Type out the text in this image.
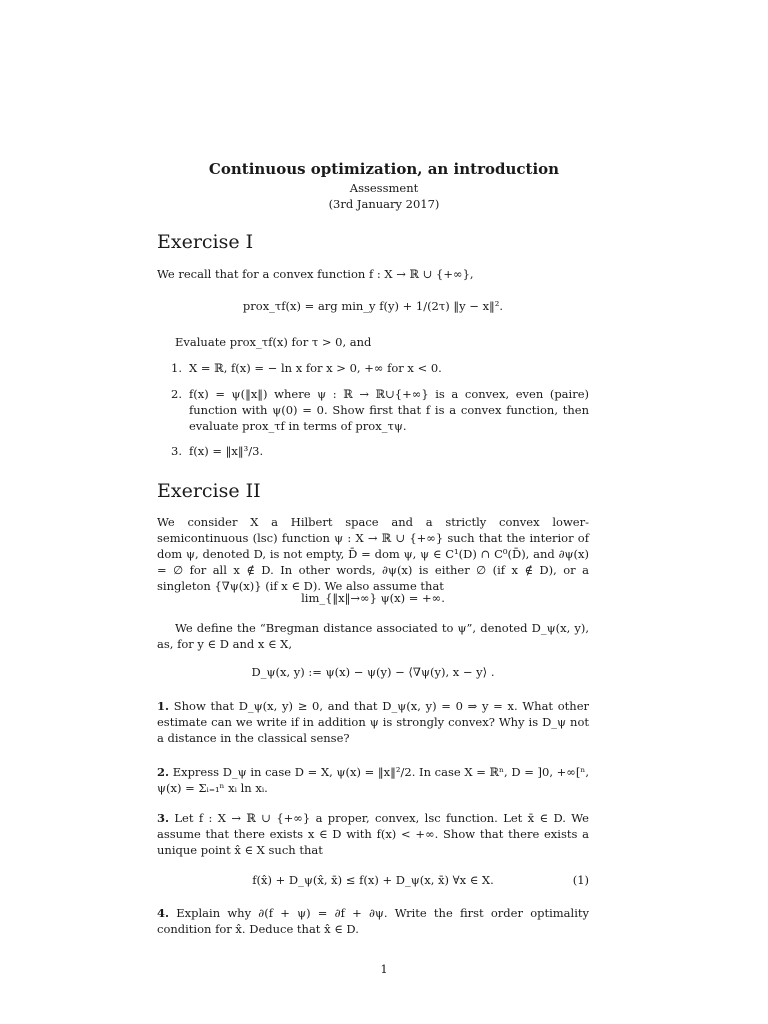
Continuous optimization, an introduction
Assessment
(3rd January 2017)
Exercise I

We recall that for a convex function f : X → ℝ ∪ {+∞},

prox_τf(x) = arg min_y f(y) + 1/(2τ) ‖y − x‖².

Evaluate prox_τf(x) for τ > 0, and

1. X = ℝ, f(x) = − ln x for x > 0, +∞ for x < 0.
2. f(x) = ψ(‖x‖) where ψ : ℝ → ℝ∪{+∞} is a convex, even (paire) function with ψ(0) = 0. Show first that f is a convex function, then evaluate prox_τf in terms of prox_τψ.
3. f(x) = ‖x‖³/3.
Exercise II

We consider X a Hilbert space and a strictly convex lower-semicontinuous (lsc) function ψ : X → ℝ ∪ {+∞} such that the interior of dom ψ, denoted D, is not empty, D̄ = dom ψ, ψ ∈ C¹(D) ∩ C⁰(D̄), and ∂ψ(x) = ∅ for all x ∉ D. In other words, ∂ψ(x) is either ∅ (if x ∉ D), or a singleton {∇ψ(x)} (if x ∈ D). We also assume that

lim_{‖x‖→∞} ψ(x) = +∞.

We define the “Bregman distance associated to ψ”, denoted D_ψ(x, y), as, for y ∈ D and x ∈ X,

D_ψ(x, y) := ψ(x) − ψ(y) − ⟨∇ψ(y), x − y⟩ .

1. Show that D_ψ(x, y) ≥ 0, and that D_ψ(x, y) = 0 ⇒ y = x. What other estimate can we write if in addition ψ is strongly convex? Why is D_ψ not a distance in the classical sense?

2. Express D_ψ in case D = X, ψ(x) = ‖x‖²/2. In case X = ℝⁿ, D = ]0, +∞[ⁿ, ψ(x) = Σᵢ₌₁ⁿ xᵢ ln xᵢ.

3. Let f : X → ℝ ∪ {+∞} a proper, convex, lsc function. Let x̄ ∈ D. We assume that there exists x ∈ D with f(x) < +∞. Show that there exists a unique point x̂ ∈ X such that

f(x̂) + D_ψ(x̂, x̄) ≤ f(x) + D_ψ(x, x̄) ∀x ∈ X.	(1)

4. Explain why ∂(f + ψ) = ∂f + ∂ψ. Write the first order optimality condition for x̂. Deduce that x̂ ∈ D.

1
